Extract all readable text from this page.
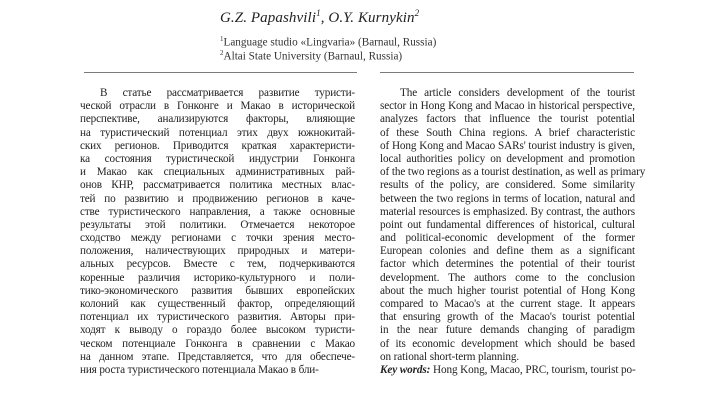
G.Z. Papashvili$^1$, O.Y. Kurnykin$^2$
$^1$Language studio «Lingvaria» (Barnaul, Russia)
$^2$Altai State University (Barnaul, Russia)
В статье рассматривается развитие туристи-
ческой отрасли в Гонконге и Макао в исторической
перспективе, анализируются факторы, влияющие
на туристический потенциал этих двух южнокитай-
ских регионов. Приводится краткая характеристи-
ка состояния туристической индустрии Гонконга
и Макао как специальных административных рай-
онов КНР, рассматривается политика местных влас-
тей по развитию и продвижению регионов в каче-
стве туристического направления, а также основные
результаты этой политики. Отмечается некоторое
сходство между регионами с точки зрения место-
положения, наличествующих природных и матери-
альных ресурсов. Вместе с тем, подчеркиваются
коренные различия историко-культурного и поли-
тико-экономического развития бывших европейских
колоний как существенный фактор, определяющий
потенциал их туристического развития. Авторы при-
ходят к выводу о гораздо более высоком туристи-
ческом потенциале Гонконга в сравнении с Макао
на данном этапе. Представляется, что для обеспече-
ния роста туристического потенциала Макао в бли-
The article considers development of the tourist
sector in Hong Kong and Macao in historical perspective,
analyzes factors that influence the tourist potential
of these South China regions. A brief characteristic
of Hong Kong and Macao SARs' tourist industry is given,
local authorities policy on development and promotion
of the two regions as a tourist destination, as well as primary
results of the policy, are considered. Some similarity
between the two regions in terms of location, natural and
material resources is emphasized. By contrast, the authors
point out fundamental differences of historical, cultural
and political-economic development of the former
European colonies and define them as a significant
factor which determines the potential of their tourist
development. The authors come to the conclusion
about the much higher tourist potential of Hong Kong
compared to Macao's at the current stage. It appears
that ensuring growth of the Macao's tourist potential
in the near future demands changing of paradigm
of its economic development which should be based
on rational short-term planning.
Key words: Hong Kong, Macao, PRC, tourism, tourist po-
